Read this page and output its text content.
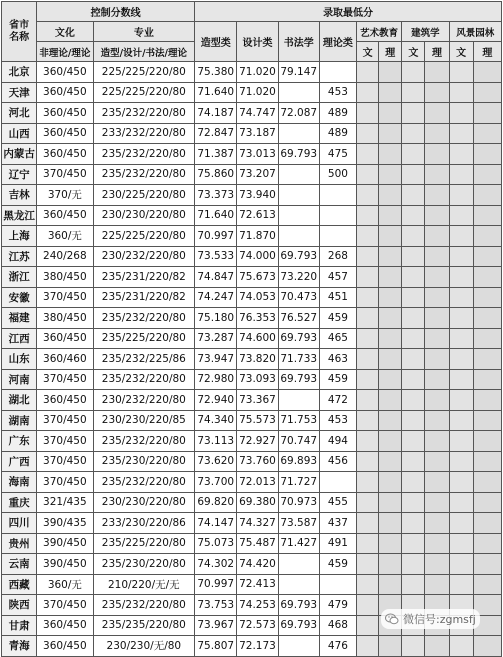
省市
名称	控制分数线		录取最低分									
	文化	专业	造型类	设计类	书法学	理论类	艺术教育		建筑学		风景园林	
	非理论/理论	造型/设计/书法/理论					文	理	文	理	文	理
北京	360/450	225/225/220/80	75.380	71.020	79.147							
天津	360/450	225/225/220/80	71.640	71.020		453						
河北	360/450	235/232/220/80	74.187	74.747	72.087	489						
山西	360/450	233/232/220/80	72.847	73.187		489						
内蒙古	360/450	235/232/220/80	71.387	73.013	69.793	475						
辽宁	370/450	235/232/220/80	75.860	73.207		500						
吉林	370/无	230/225/220/80	73.373	73.940								
黑龙江	360/450	230/230/220/80	71.640	72.613								
上海	360/无	225/225/220/80	70.997	71.870								
江苏	240/268	230/232/220/80	73.533	74.000	69.793	268						
浙江	380/450	235/231/220/82	74.847	75.673	73.220	457						
安徽	370/450	235/231/220/82	74.247	74.053	70.473	451						
福建	380/450	235/232/220/80	75.180	76.353	76.527	459						
江西	360/450	235/225/220/80	73.287	74.600	69.793	465						
山东	360/460	235/232/225/86	73.947	73.820	71.733	463						
河南	370/450	235/232/220/80	72.980	73.093	69.793	459						
湖北	360/450	230/232/220/80	72.940	73.367		472						
湖南	370/450	230/230/220/85	74.340	75.573	71.753	453						
广东	370/450	235/232/220/80	73.113	72.927	70.747	494						
广西	370/450	235/230/220/80	73.620	73.760	69.893	456						
海南	370/450	235/232/220/80	73.700	72.013	71.727							
重庆	321/435	230/230/220/80	69.820	69.380	70.973	455						
四川	390/435	233/230/220/86	74.147	74.327	73.587	437						
贵州	390/450	235/225/220/80	75.073	75.487	71.427	491						
云南	390/450	235/230/220/80	74.302	74.420		459						
西藏	360/无	210/220/无/无	70.997	72.413								
陕西	370/450	235/232/220/80	73.753	74.253	69.793	479						
甘肃	360/450	235/235/220/80	73.967	72.573	69.793	468						
青海	360/450	230/230/无/80	75.807	72.173		476						
微信号:zgmsfj
